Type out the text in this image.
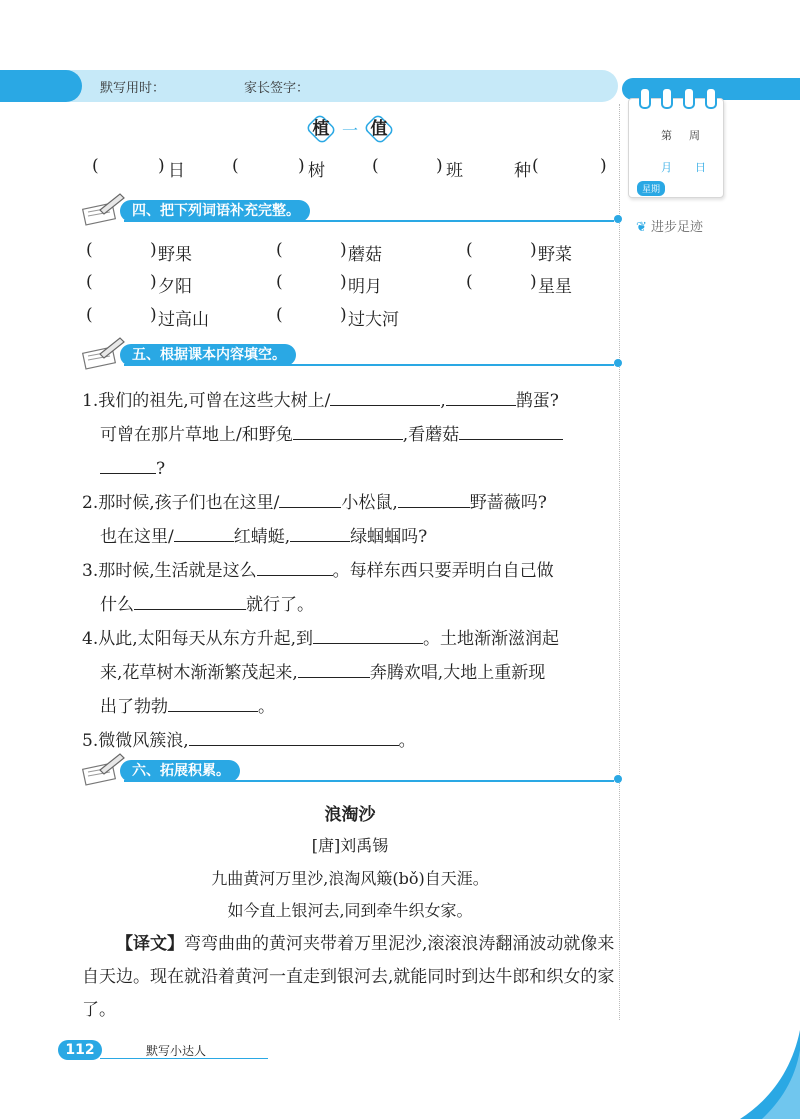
默写用时：	家长签字：
第 周
月 日
星期
❦ 进步足迹
植 一 值
(	) 日	(	) 树	(	) 班	种 (	)
四、把下列词语补充完整。
(	) 野果	(	) 蘑菇	(	) 野菜
(	) 夕阳	(	) 明月	(	) 星星
(	) 过高山	(	) 过大河
五、根据课本内容填空。
1.我们的祖先,可曾在这些大树上/	,	鹊蛋?
可曾在那片草地上/和野兔	,看蘑菇
?
2.那时候,孩子们也在这里/	小松鼠,	野蔷薇吗?
也在这里/	红蜻蜓,	绿蝈蝈吗?
3.那时候,生活就是这么	。每样东西只要弄明白自己做
什么	就行了。
4.从此,太阳每天从东方升起,到	。土地渐渐滋润起
来,花草树木渐渐繁茂起来,	奔腾欢唱,大地上重新现
出了勃勃	。
5.微微风簇浪,	。
六、拓展积累。
浪淘沙
[唐]刘禹锡
九曲黄河万里沙,浪淘风簸(bǒ)自天涯。
如今直上银河去,同到牵牛织女家。
【译文】弯弯曲曲的黄河夹带着万里泥沙,滚滚浪涛翻涌波动就像来自天边。现在就沿着黄河一直走到银河去,就能同时到达牛郎和织女的家了。
112	默写小达人
